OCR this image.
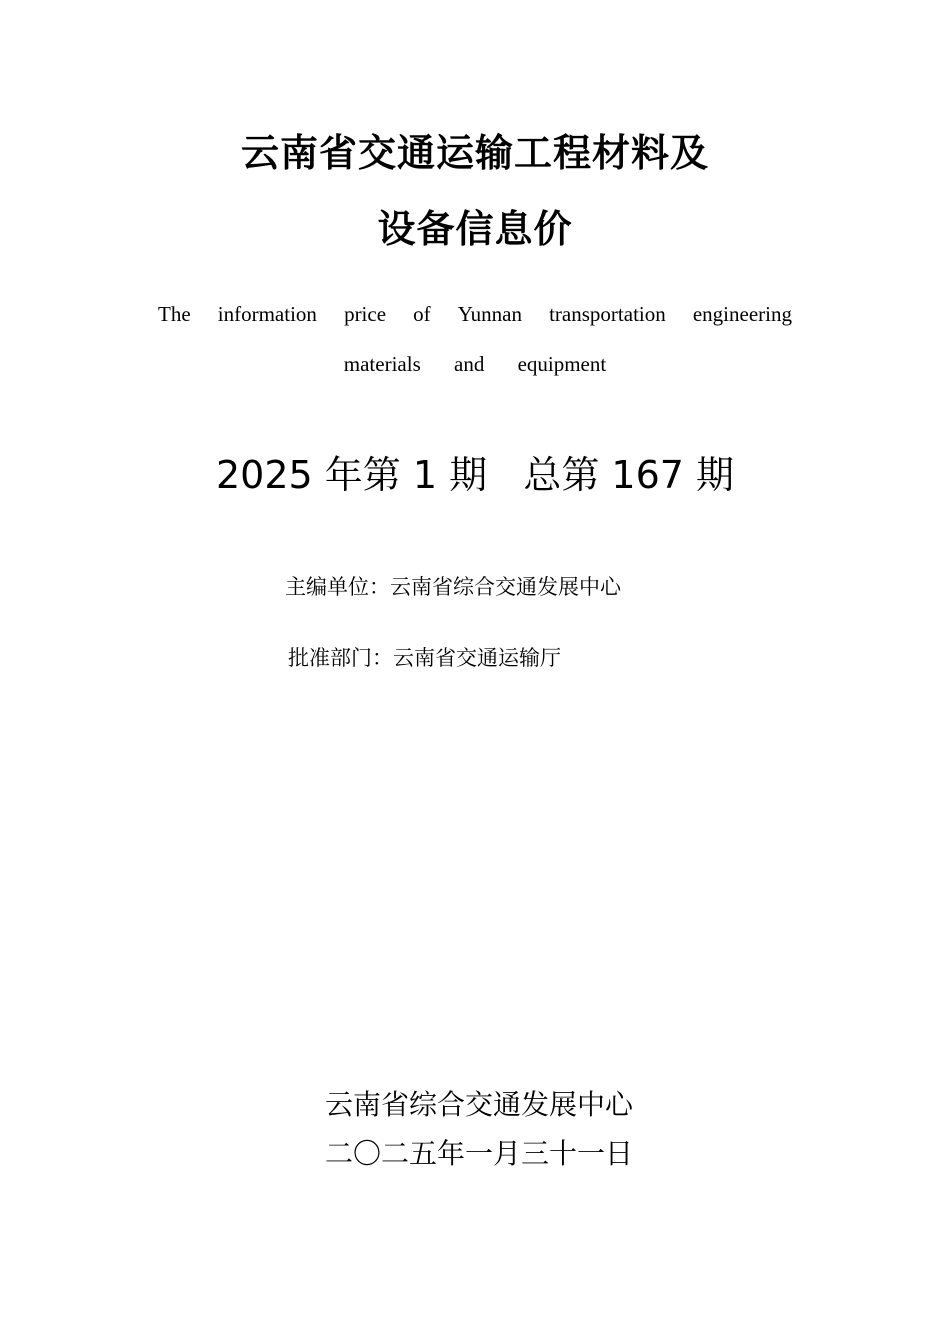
云南省交通运输工程材料及
设备信息价
The information price of Yunnan transportation engineering
materials and equipment
2025 年第 1 期   总第 167 期
主编单位：云南省综合交通发展中心
批准部门：云南省交通运输厅
云南省综合交通发展中心
二〇二五年一月三十一日
